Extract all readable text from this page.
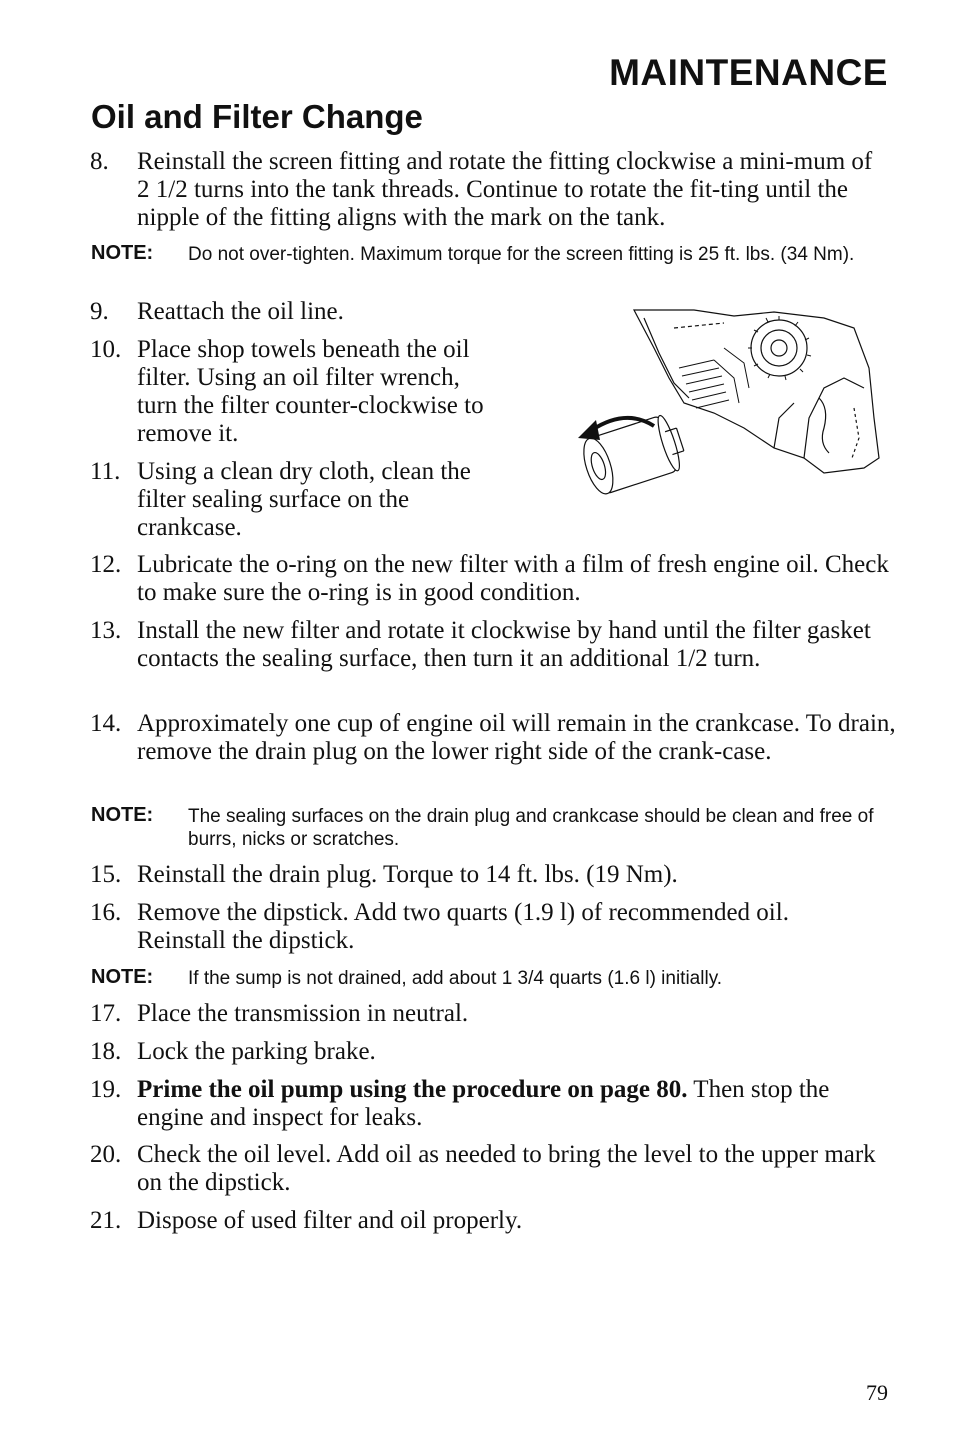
MAINTENANCE
Oil and Filter Change
8.	Reinstall the screen fitting and rotate the fitting clockwise a mini-mum of 2 1/2 turns into the tank threads. Continue to rotate the fit-ting until the nipple of the fitting aligns with the mark on the tank.
NOTE:	Do not over-tighten. Maximum torque for the screen fitting is 25 ft. lbs. (34 Nm).
9.	Reattach the oil line.
10. Place shop towels beneath the oil filter. Using an oil filter wrench, turn the filter counter-clockwise to remove it.
11. Using a clean dry cloth, clean the filter sealing surface on the crankcase.
12. Lubricate the o-ring on the new filter with a film of fresh engine oil. Check to make sure the o-ring is in good condition.
13. Install the new filter and rotate it clockwise by hand until the filter gasket contacts the sealing surface, then turn it an additional 1/2 turn.
14. Approximately one cup of engine oil will remain in the crankcase. To drain, remove the drain plug on the lower right side of the crank-case.
NOTE:	The sealing surfaces on the drain plug and crankcase should be clean and free of burrs, nicks or scratches.
15. Reinstall the drain plug. Torque to 14 ft. lbs. (19 Nm).
16. Remove the dipstick. Add two quarts (1.9 l) of recommended oil. Reinstall the dipstick.
NOTE:	If the sump is not drained, add about 1 3/4 quarts (1.6 l) initially.
17. Place the transmission in neutral.
18. Lock the parking brake.
19. Prime the oil pump using the procedure on page 80. Then stop the engine and inspect for leaks.
20. Check the oil level. Add oil as needed to bring the level to the upper mark on the dipstick.
21. Dispose of used filter and oil properly.
79
